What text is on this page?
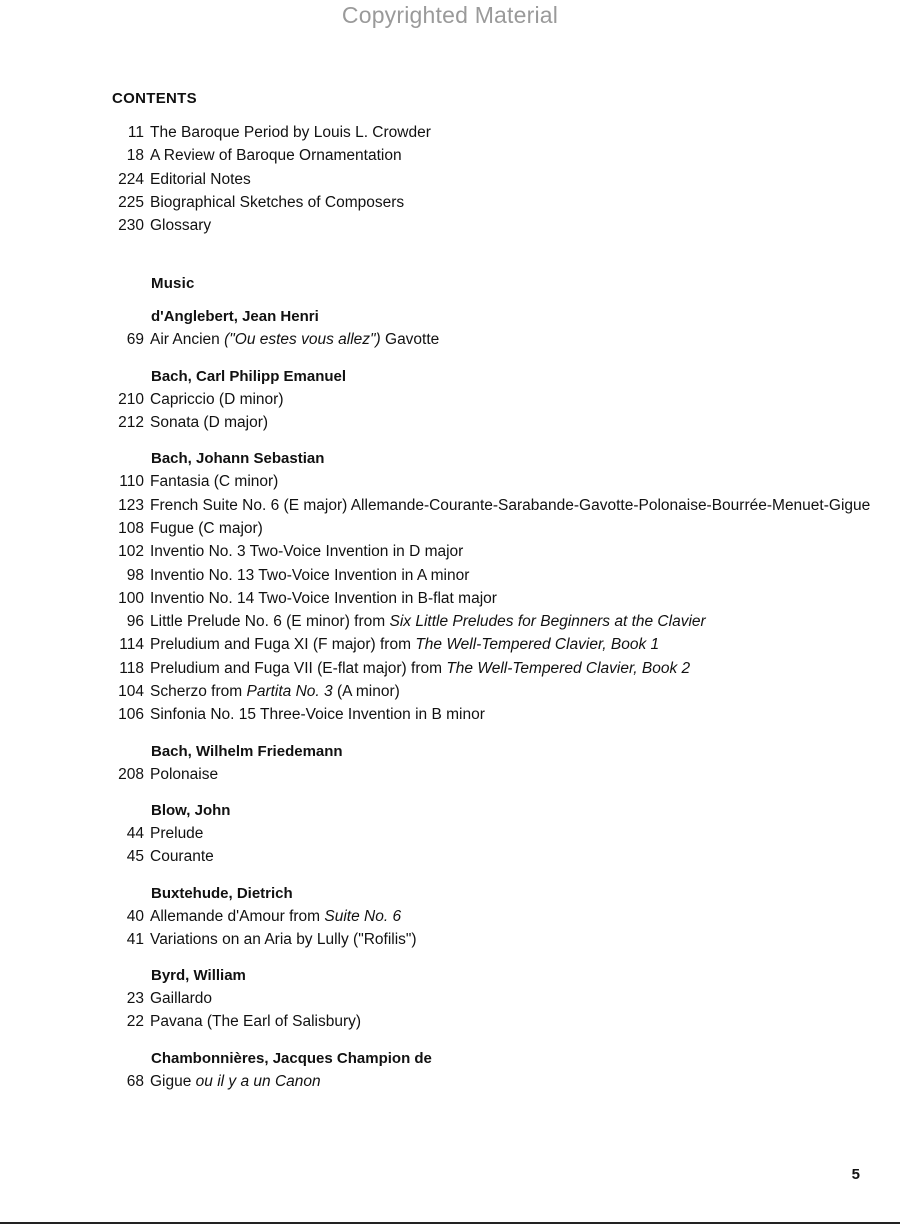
Copyrighted Material
CONTENTS
11 The Baroque Period by Louis L. Crowder
18 A Review of Baroque Ornamentation
224 Editorial Notes
225 Biographical Sketches of Composers
230 Glossary
Music
d'Anglebert, Jean Henri
69 Air Ancien ("Ou estes vous allez") Gavotte
Bach, Carl Philipp Emanuel
210 Capriccio (D minor)
212 Sonata (D major)
Bach, Johann Sebastian
110 Fantasia (C minor)
123 French Suite No. 6 (E major) Allemande-Courante-Sarabande-Gavotte-Polonaise-Bourrée-Menuet-Gigue
108 Fugue (C major)
102 Inventio No. 3 Two-Voice Invention in D major
98 Inventio No. 13 Two-Voice Invention in A minor
100 Inventio No. 14 Two-Voice Invention in B-flat major
96 Little Prelude No. 6 (E minor) from Six Little Preludes for Beginners at the Clavier
114 Preludium and Fuga XI (F major) from The Well-Tempered Clavier, Book 1
118 Preludium and Fuga VII (E-flat major) from The Well-Tempered Clavier, Book 2
104 Scherzo from Partita No. 3 (A minor)
106 Sinfonia No. 15 Three-Voice Invention in B minor
Bach, Wilhelm Friedemann
208 Polonaise
Blow, John
44 Prelude
45 Courante
Buxtehude, Dietrich
40 Allemande d'Amour from Suite No. 6
41 Variations on an Aria by Lully ("Rofilis")
Byrd, William
23 Gaillardo
22 Pavana (The Earl of Salisbury)
Chambonnières, Jacques Champion de
68 Gigue ou il y a un Canon
5
